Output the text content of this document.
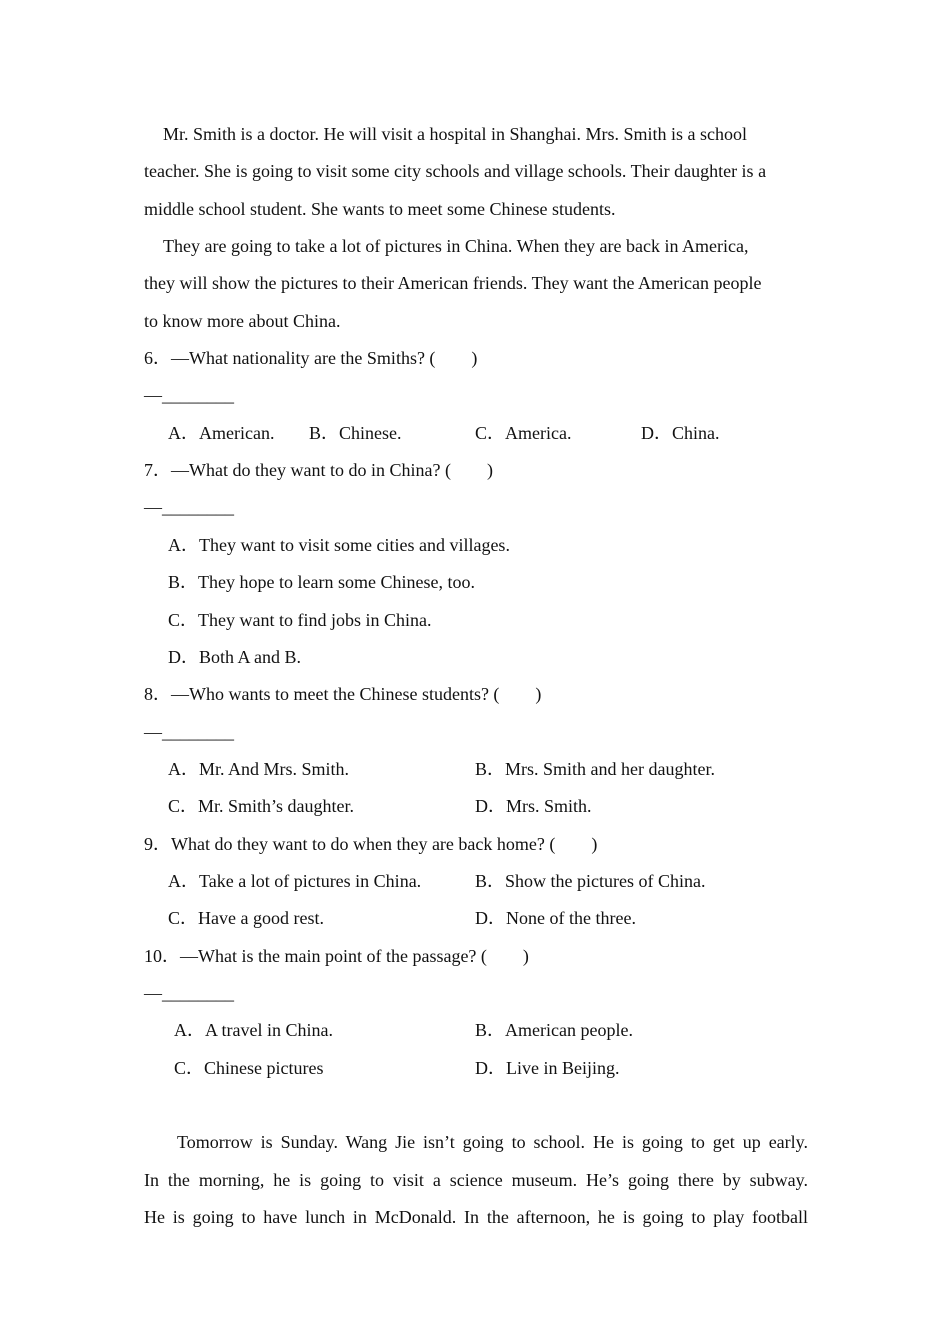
Mr. Smith is a doctor. He will visit a hospital in Shanghai. Mrs. Smith is a school
teacher. She is going to visit some city schools and village schools. Their daughter is a
middle school student. She wants to meet some Chinese students.
They are going to take a lot of pictures in China. When they are back in America,
they will show the pictures to their American friends. They want the American people
to know more about China.
6．—What nationality are the Smiths? (  )
—________
A．American. B．Chinese.	C．America.	D．China.
7．—What do they want to do in China? (  )
—________
A．They want to visit some cities and villages.
B．They hope to learn some Chinese, too.
C．They want to find jobs in China.
D．Both A and B.
8．—Who wants to meet the Chinese students? (  )
—________
A．Mr. And Mrs. Smith.	B．Mrs. Smith and her daughter.
C．Mr. Smith’s daughter.	D．Mrs. Smith.
9．What do they want to do when they are back home? (  )
A．Take a lot of pictures in China.	B．Show the pictures of China.
C．Have a good rest.	D．None of the three.
10．—What is the main point of the passage? (  )
—________
A．A travel in China.	B．American people.
C．Chinese pictures	D．Live in Beijing.
Tomorrow is Sunday. Wang Jie isn’t going to school. He is going to get up early.
In the morning, he is going to visit a science museum. He’s going there by subway.
He is going to have lunch in McDonald. In the afternoon, he is going to play football
